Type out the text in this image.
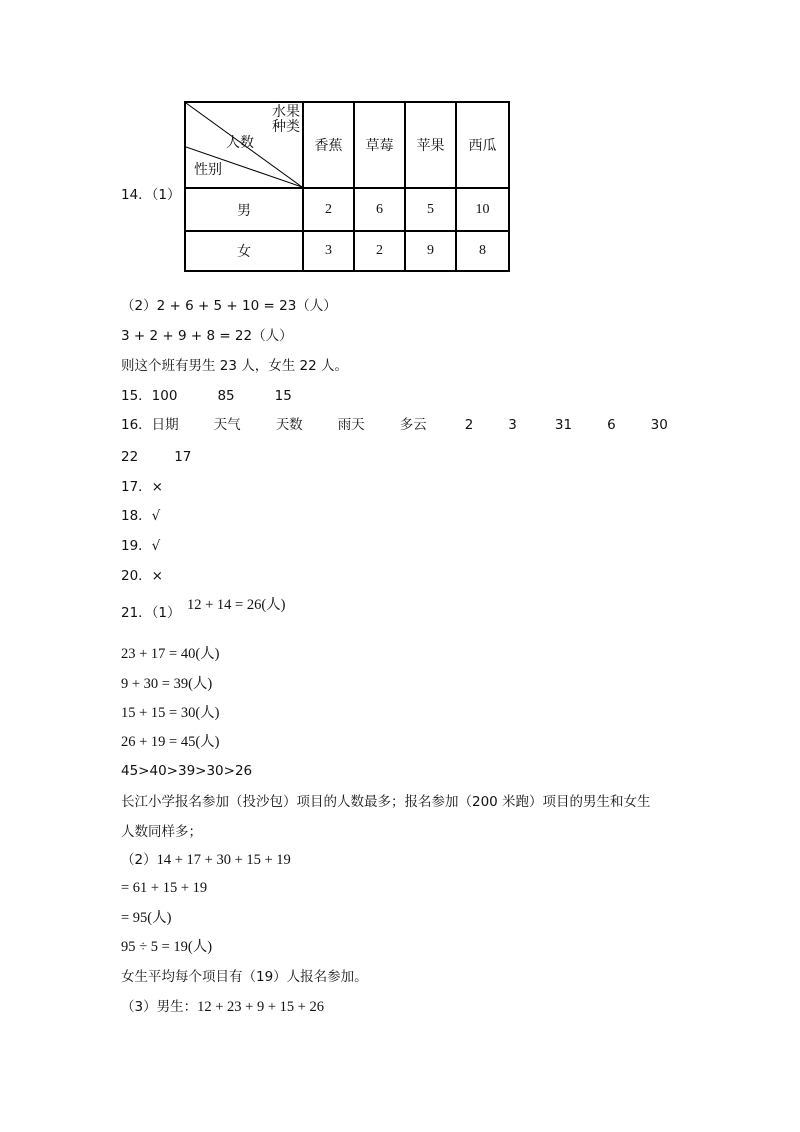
14．（1）
水果
种类
人数
性别	香蕉	草莓	苹果	西瓜
男	2	6	5	10
女	3	2	9	8
（2）2 + 6 + 5 + 10 = 23（人）
3 + 2 + 9 + 8 = 22（人）
则这个班有男生 23 人，女生 22 人。
15．100	85	15
16．日期	天气	天数	雨天	多云	2	3	31	6	30
22	17
17．×
18．√
19．√
20．×
21．（1） 12 + 14 = 26(人)
23 + 17 = 40(人)
9 + 30 = 39(人)
15 + 15 = 30(人)
26 + 19 = 45(人)
45>40>39>30>26
长江小学报名参加（投沙包）项目的人数最多；报名参加（200 米跑）项目的男生和女生
人数同样多；
（2）14 + 17 + 30 + 15 + 19
= 61 + 15 + 19
= 95(人)
95 ÷ 5 = 19(人)
女生平均每个项目有（19）人报名参加。
（3）男生：12 + 23 + 9 + 15 + 26
